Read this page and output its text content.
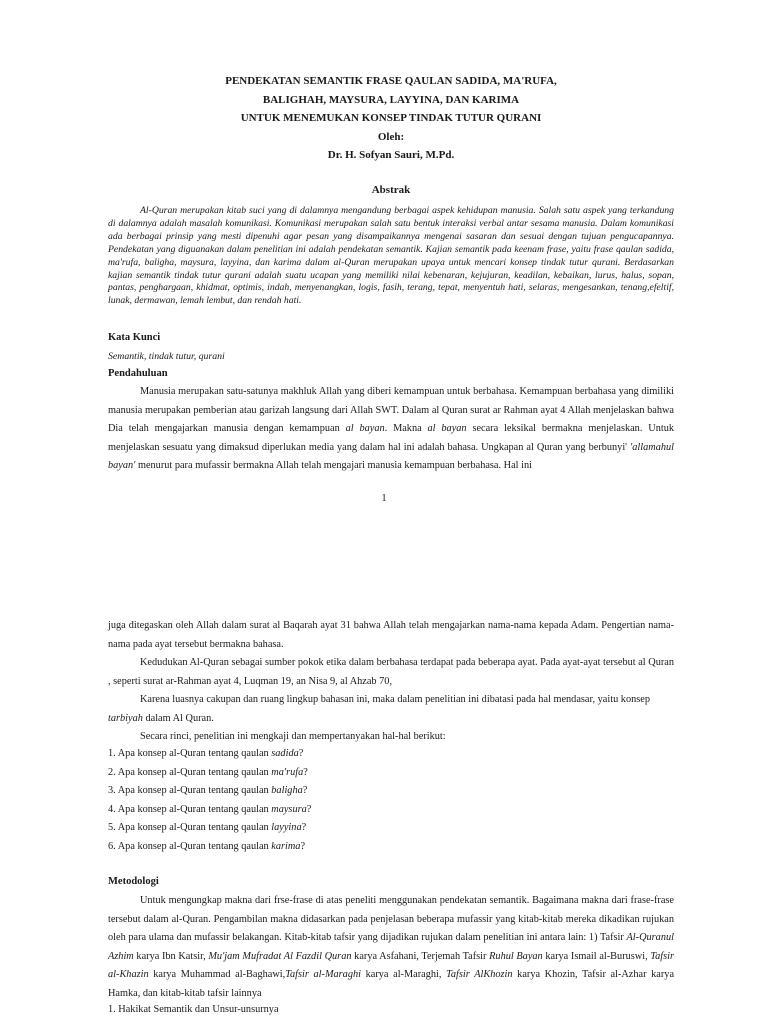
PENDEKATAN SEMANTIK FRASE QAULAN SADIDA, MA'RUFA,
BALIGHAH, MAYSURA, LAYYINA, DAN KARIMA
UNTUK MENEMUKAN KONSEP TINDAK TUTUR QURANI
Oleh:
Dr. H. Sofyan Sauri, M.Pd.
Abstrak
Al-Quran merupakan kitab suci yang di dalamnya mengandung berbagai aspek kehidupan manusia. Salah satu aspek yang terkandung di dalamnya adalah masalah komunikasi. Komunikasi merupakan salah satu bentuk interaksi verbal antar sesama manusia. Dalam komunikasi ada berbagai prinsip yang mesti dipenuhi agar pesan yang disampaikannya mengenai sasaran dan sesuai dengan tujuan pengucapannya. Pendekatan yang diguanakan dalam penelitian ini adalah pendekatan semantik. Kajian semantik pada keenam frase, yaitu frase qaulan sadida, ma'rufa, baligha, maysura, layyina, dan karima dalam al-Quran merupakan upaya untuk mencari konsep tindak tutur qurani. Berdasarkan kajian semantik tindak tutur qurani adalah suatu ucapan yang memiliki nilai kebenaran, kejujuran, keadilan, kebaikan, lurus, halus, sopan, pantas, penghargaan, khidmat, optimis, indah, menyenangkan, logis, fasih, terang, tepat, menyentuh hati, selaras, mengesankan, tenang,efeltif, lunak, dermawan, lemah lembut, dan rendah hati.
Kata Kunci
Semantik, tindak tutur, qurani
Pendahuluan

Manusia merupakan satu-satunya makhluk Allah yang diberi kemampuan untuk berbahasa. Kemampuan berbahasa yang dimiliki manusia merupakan pemberian atau garizah langsung dari Allah SWT. Dalam al Quran surat ar Rahman ayat 4 Allah menjelaskan bahwa Dia telah mengajarkan manusia dengan kemampuan al bayan. Makna al bayan secara leksikal bermakna menjelaskan. Untuk menjelaskan sesuatu yang dimaksud diperlukan media yang dalam hal ini adalah bahasa. Ungkapan al Quran yang berbunyi' 'allamahul bayan' menurut para mufassir bermakna Allah telah mengajari manusia kemampuan berbahasa. Hal ini

1

juga ditegaskan oleh Allah dalam surat al Baqarah ayat 31 bahwa Allah telah mengajarkan nama-nama kepada Adam. Pengertian nama-nama pada ayat tersebut bermakna bahasa.

Kedudukan Al-Quran sebagai sumber pokok etika dalam berbahasa terdapat pada beberapa ayat. Pada ayat-ayat tersebut al Quran , seperti surat ar-Rahman ayat 4, Luqman 19, an Nisa 9, al Ahzab 70,

Karena luasnya cakupan dan ruang lingkup bahasan ini, maka dalam penelitian ini dibatasi pada hal mendasar, yaitu konsep
tarbiyah dalam Al Quran.

Secara rinci, penelitian ini mengkaji dan mempertanyakan hal-hal berikut:

1. Apa konsep al-Quran tentang qaulan sadida?
2. Apa konsep al-Quran tentang qaulan ma'rufa?
3. Apa konsep al-Quran tentang qaulan baligha?
4. Apa konsep al-Quran tentang qaulan maysura?
5. Apa konsep al-Quran tentang qaulan layyina?
6. Apa konsep al-Quran tentang qaulan karima?
Metodologi

Untuk mengungkap makna dari frse-frase di atas peneliti menggunakan pendekatan semantik. Bagaimana makna dari frase-frase tersebut dalam al-Quran. Pengambilan makna didasarkan pada penjelasan beberapa mufassir yang kitab-kitab mereka dikadikan rujukan oleh para ulama dan mufassir belakangan. Kitab-kitab tafsir yang dijadikan rujukan dalam penelitian ini antara lain: 1) Tafsir Al-Quranul Azhim karya Ibn Katsir, Mu'jam Mufradat Al Fazdil Quran karya Asfahani, Terjemah Tafsir Ruhul Bayan karya Ismail al-Buruswi, Tafsir al-Khazin karya Muhammad al-Baghawi,Tafsir al-Maraghi karya al-Maraghi, Tafsir AlKhozin karya Khozin, Tafsir al-Azhar karya Hamka, dan kitab-kitab tafsir lainnya

1. Hakikat Semantik dan Unsur-unsurnya
